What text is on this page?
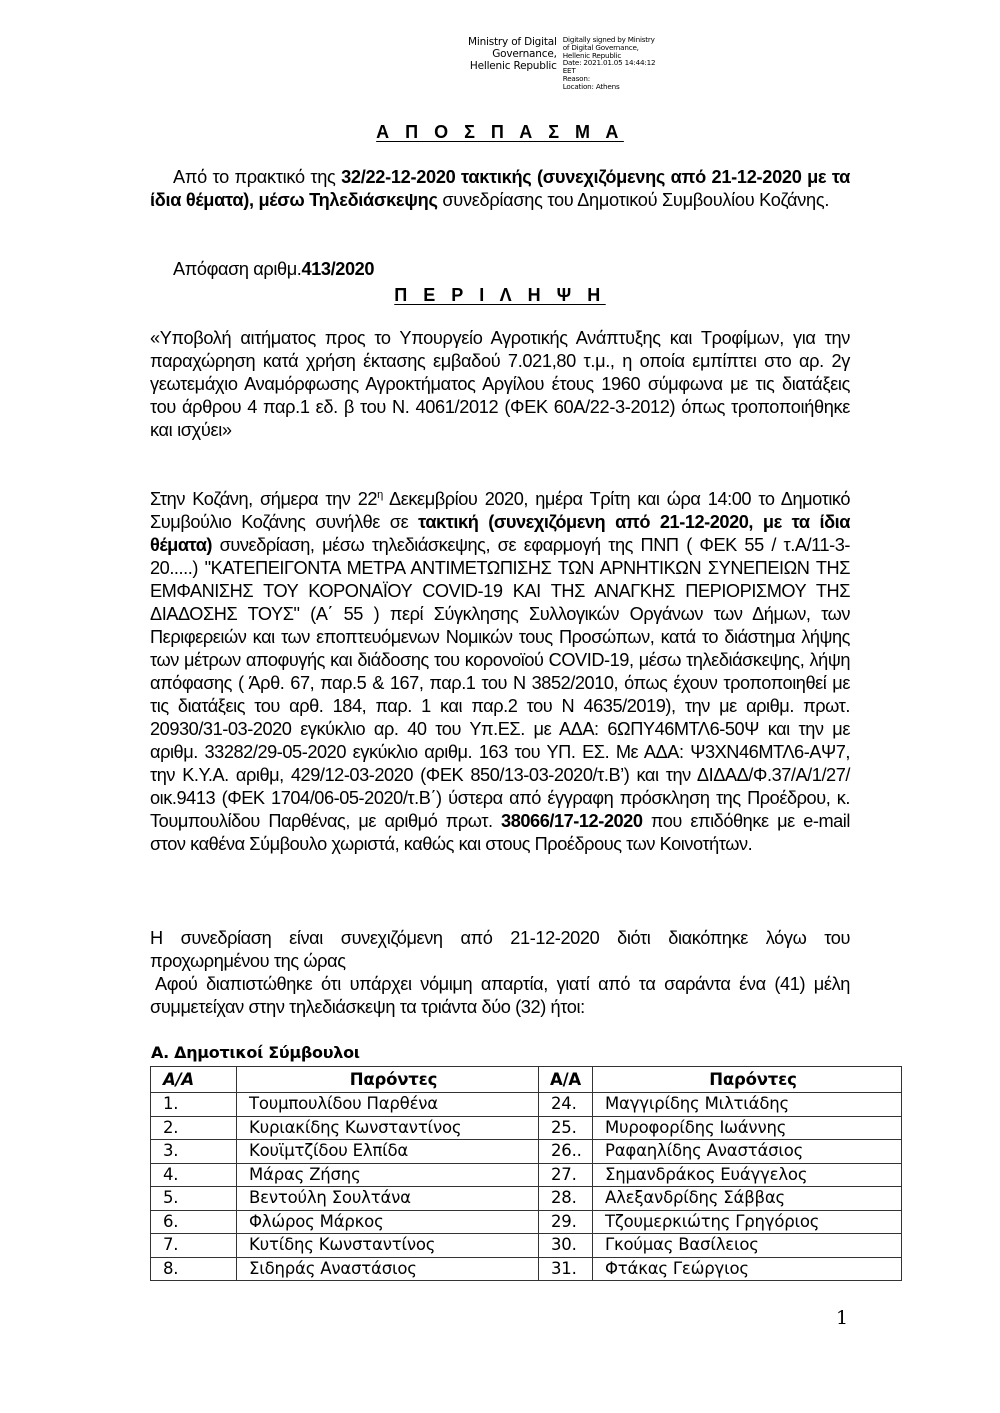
Ministry of Digital
Governance,
Hellenic Republic
Digitally signed by Ministry
of Digital Governance,
Hellenic Republic
Date: 2021.01.05 14:44:12
EET
Reason:
Location: Athens
Α Π Ο Σ Π Α Σ Μ Α
Από το πρακτικό της 32/22-12-2020 τακτικής (συνεχιζόμενης από 21-12-2020 με τα ίδια θέματα), μέσω Τηλεδιάσκεψης συνεδρίασης του Δημοτικού Συμβουλίου Κοζάνης.
Απόφαση αριθμ.413/2020
Π Ε Ρ Ι Λ Η Ψ Η
«Υποβολή αιτήματος προς το Υπουργείο Αγροτικής Ανάπτυξης και Τροφίμων, για την παραχώρηση κατά χρήση έκτασης εμβαδού 7.021,80 τ.μ., η οποία εμπίπτει στο αρ. 2γ γεωτεμάχιο Αναμόρφωσης Αγροκτήματος Αργίλου έτους 1960 σύμφωνα με τις διατάξεις του άρθρου 4 παρ.1 εδ. β του Ν. 4061/2012 (ΦΕΚ 60Α/22-3-2012) όπως τροποποιήθηκε και ισχύει»
Στην Κοζάνη, σήμερα την $22^\eta$ Δεκεμβρίου 2020, ημέρα Τρίτη και ώρα 14:00 το Δημοτικό Συμβούλιο Κοζάνης συνήλθε σε τακτική (συνεχιζόμενη από 21-12-2020, με τα ίδια θέματα) συνεδρίαση, μέσω τηλεδιάσκεψης, σε εφαρμογή της ΠΝΠ ( ΦΕΚ 55 / τ.Α/11-3-20.....) "ΚΑΤΕΠΕΙΓΟΝΤΑ ΜΕΤΡΑ ΑΝΤΙΜΕΤΩΠΙΣΗΣ ΤΩΝ ΑΡΝΗΤΙΚΩΝ ΣΥΝΕΠΕΙΩΝ ΤΗΣ ΕΜΦΑΝΙΣΗΣ ΤΟΥ ΚΟΡΟΝΑΪΟΥ COVID-19 ΚΑΙ ΤΗΣ ΑΝΑΓΚΗΣ ΠΕΡΙΟΡΙΣΜΟΥ ΤΗΣ ΔΙΑΔΟΣΗΣ ΤΟΥΣ" (Α΄ 55 ) περί Σύγκλησης Συλλογικών Οργάνων των Δήμων, των Περιφερειών και των εποπτευόμενων Νομικών τους Προσώπων, κατά το διάστημα λήψης των μέτρων αποφυγής και διάδοσης του κορονοϊού COVID-19, μέσω τηλεδιάσκεψης, λήψη απόφασης ( Άρθ. 67, παρ.5 & 167, παρ.1 του Ν 3852/2010, όπως έχουν τροποποιηθεί με τις διατάξεις του αρθ. 184, παρ. 1 και παρ.2 του Ν 4635/2019), την με αριθμ. πρωτ. 20930/31-03-2020 εγκύκλιο αρ. 40 του Υπ.ΕΣ. με ΑΔΑ: 6ΩΠΥ46ΜΤΛ6-50Ψ και την με αριθμ. 33282/29-05-2020 εγκύκλιο αριθμ. 163 του ΥΠ. ΕΣ. Με ΑΔΑ: Ψ3ΧΝ46ΜΤΛ6-ΑΨ7, την Κ.Υ.Α. αριθμ, 429/12-03-2020 (ΦΕΚ 850/13-03-2020/τ.Β’) και την ΔΙΔΑΔ/Φ.37/Α/1/27/οικ.9413 (ΦΕΚ 1704/06-05-2020/τ.Β΄) ύστερα από έγγραφη πρόσκληση της Προέδρου, κ. Τουμπουλίδου Παρθένας, με αριθμό πρωτ. 38066/17-12-2020 που επιδόθηκε με e-mail στον καθένα Σύμβουλο χωριστά, καθώς και στους Προέδρους των Κοινοτήτων.
Η συνεδρίαση είναι συνεχιζόμενη από 21-12-2020 διότι διακόπηκε λόγω του προχωρημένου της ώρας
Αφού διαπιστώθηκε ότι υπάρχει νόμιμη απαρτία, γιατί από τα σαράντα ένα (41) μέλη συμμετείχαν στην τηλεδιάσκεψη τα τριάντα δύο (32) ήτοι:
Α. Δημοτικοί Σύμβουλοι
Α/Α	Παρόντες	Α/Α	Παρόντες
1.	Τουμπουλίδου Παρθένα	24.	Μαγγιρίδης Μιλτιάδης
2.	Κυριακίδης Κωνσταντίνος	25.	Μυροφορίδης Ιωάννης
3.	Κουϊμτζίδου Ελπίδα	26..	Ραφαηλίδης Αναστάσιος
4.	Μάρας Ζήσης	27.	Σημανδράκος Ευάγγελος
5.	Βεντούλη Σουλτάνα	28.	Αλεξανδρίδης Σάββας
6.	Φλώρος Μάρκος	29.	Τζουμερκιώτης Γρηγόριος
7.	Κυτίδης Κωνσταντίνος	30.	Γκούμας Βασίλειος
8.	Σιδηράς Αναστάσιος	31.	Φτάκας Γεώργιος
1
